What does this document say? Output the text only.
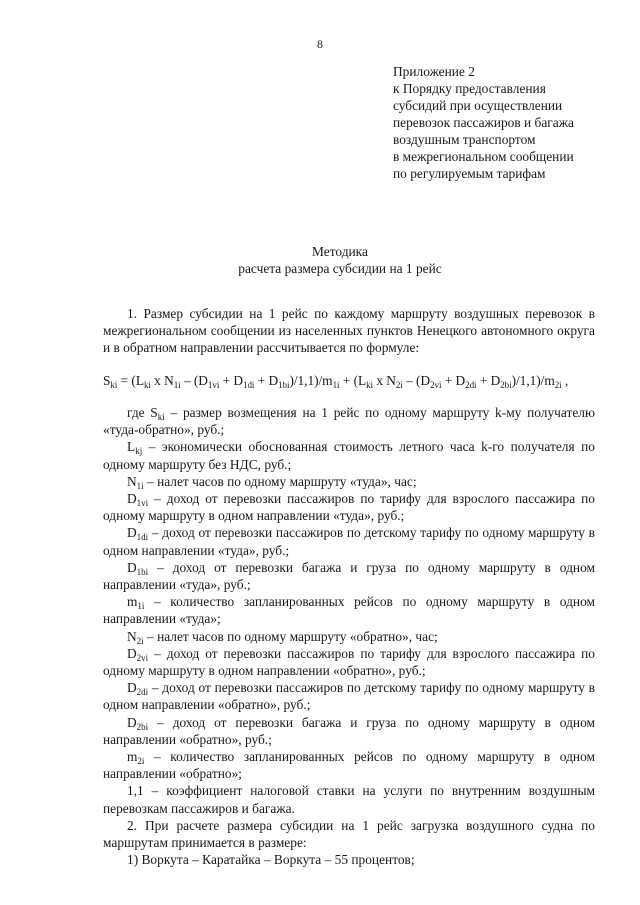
8
Приложение 2
к Порядку предоставления
субсидий при осуществлении
перевозок пассажиров и багажа
воздушным транспортом
в межрегиональном сообщении
по регулируемым тарифам
Методика
расчета размера субсидии на 1 рейс

1. Размер субсидии на 1 рейс по каждому маршруту воздушных перевозок в межрегиональном сообщении из населенных пунктов Ненецкого автономного округа и в обратном направлении рассчитывается по формуле:

$S_{ki} = (L_{ki}$ x $N_{1i} - (D_{1vi} + D_{1di} + D_{1bi})/1,1)/m_{1i} + (L_{ki}$ x $N_{2i} - (D_{2vi} + D_{2di} + D_{2bi})/1,1)/m_{2i}$ ,

где $S_{ki}$ – размер возмещения на 1 рейс по одному маршруту k-му получателю «туда-обратно», руб.;

$L_{kj}$ – экономически обоснованная стоимость летного часа k-го получателя по одному маршруту без НДС, руб.;

$N_{1i}$ – налет часов по одному маршруту «туда», час;

$D_{1vi}$ – доход от перевозки пассажиров по тарифу для взрослого пассажира по одному маршруту в одном направлении «туда», руб.;

$D_{1di}$ – доход от перевозки пассажиров по детскому тарифу по одному маршруту в одном направлении «туда», руб.;

$D_{1bi}$ – доход от перевозки багажа и груза по одному маршруту в одном направлении «туда», руб.;

$m_{1i}$ – количество запланированных рейсов по одному маршруту в одном направлении «туда»;

$N_{2i}$ – налет часов по одному маршруту «обратно», час;

$D_{2vi}$ – доход от перевозки пассажиров по тарифу для взрослого пассажира по одному маршруту в одном направлении «обратно», руб.;

$D_{2di}$ – доход от перевозки пассажиров по детскому тарифу по одному маршруту в одном направлении «обратно», руб.;

$D_{2bi}$ – доход от перевозки багажа и груза по одному маршруту в одном направлении «обратно», руб.;

$m_{2i}$ – количество запланированных рейсов по одному маршруту в одном направлении «обратно»;

1,1 – коэффициент налоговой ставки на услуги по внутренним воздушным перевозкам пассажиров и багажа.

2. При расчете размера субсидии на 1 рейс загрузка воздушного судна по маршрутам принимается в размере:

1) Воркута – Каратайка – Воркута – 55 процентов;
